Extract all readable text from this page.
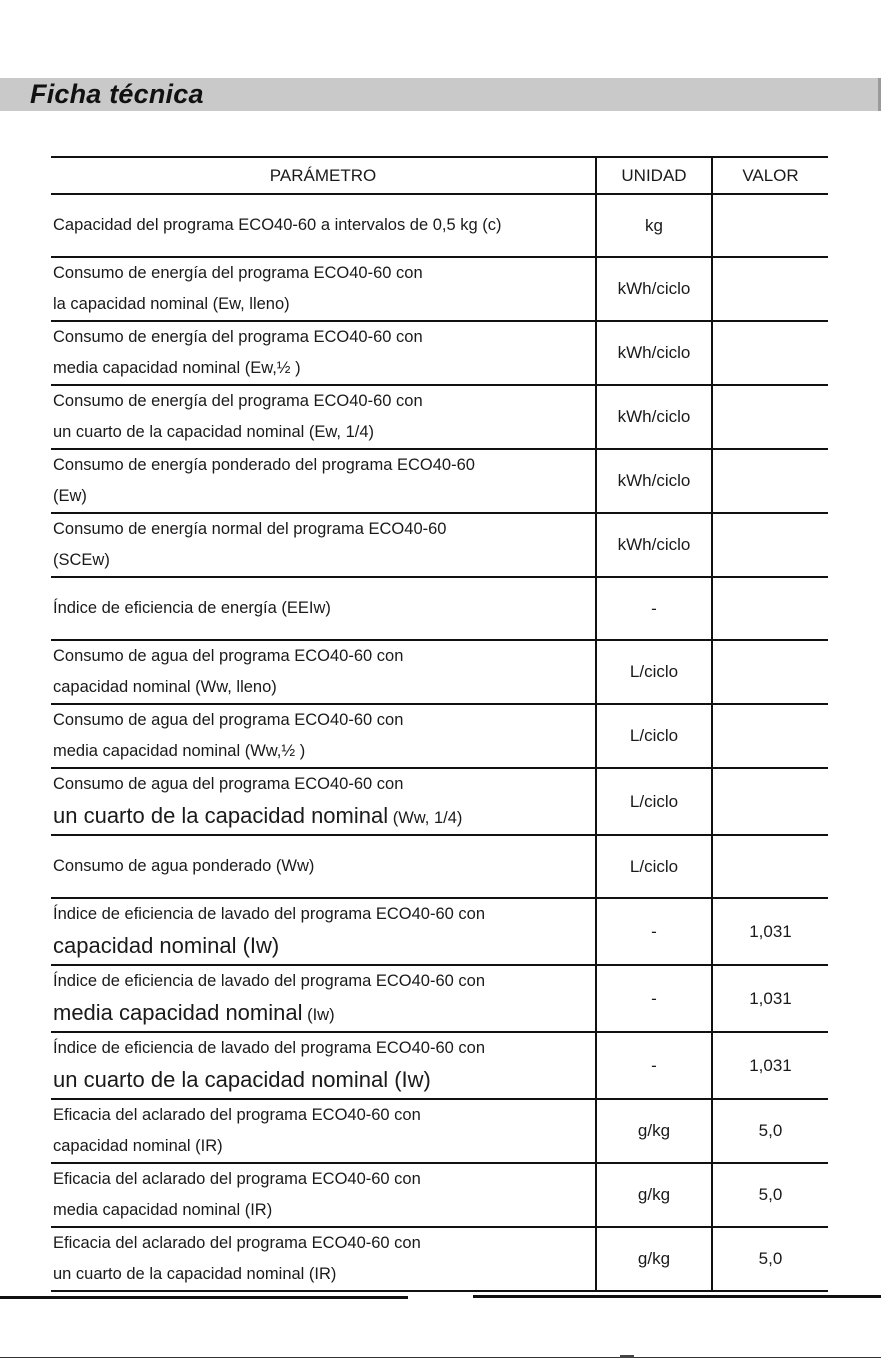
Ficha técnica
PARÁMETRO	UNIDAD	VALOR

Capacidad del programa ECO40-60 a intervalos de 0,5 kg (c)	kg	

Consumo de energía del programa ECO40-60 con
la capacidad nominal (Ew, lleno)	kWh/ciclo	

Consumo de energía del programa ECO40-60 con
media capacidad nominal (Ew,½ )	kWh/ciclo	

Consumo de energía del programa ECO40-60 con
un cuarto de la capacidad nominal (Ew, 1/4)	kWh/ciclo	

Consumo de energía ponderado del programa ECO40-60
(Ew)	kWh/ciclo	

Consumo de energía normal del programa ECO40-60
(SCEw)	kWh/ciclo	

Índice de eficiencia de energía (EEIw)	-	

Consumo de agua del programa ECO40-60 con
capacidad nominal (Ww, lleno)	L/ciclo	

Consumo de agua del programa ECO40-60 con
media capacidad nominal (Ww,½ )	L/ciclo	

Consumo de agua del programa ECO40-60 con
un cuarto de la capacidad nominal (Ww, 1/4)	L/ciclo	

Consumo de agua ponderado (Ww)	L/ciclo	

Índice de eficiencia de lavado del programa ECO40-60 con
capacidad nominal (Iw)	-	1,031

Índice de eficiencia de lavado del programa ECO40-60 con
media capacidad nominal (Iw)	-	1,031

Índice de eficiencia de lavado del programa ECO40-60 con
un cuarto de la capacidad nominal (Iw)	-	1,031

Eficacia del aclarado del programa ECO40-60 con
capacidad nominal (IR)	g/kg	5,0

Eficacia del aclarado del programa ECO40-60 con
media capacidad nominal (IR)	g/kg	5,0

Eficacia del aclarado del programa ECO40-60 con
un cuarto de la capacidad nominal (IR)	g/kg	5,0
